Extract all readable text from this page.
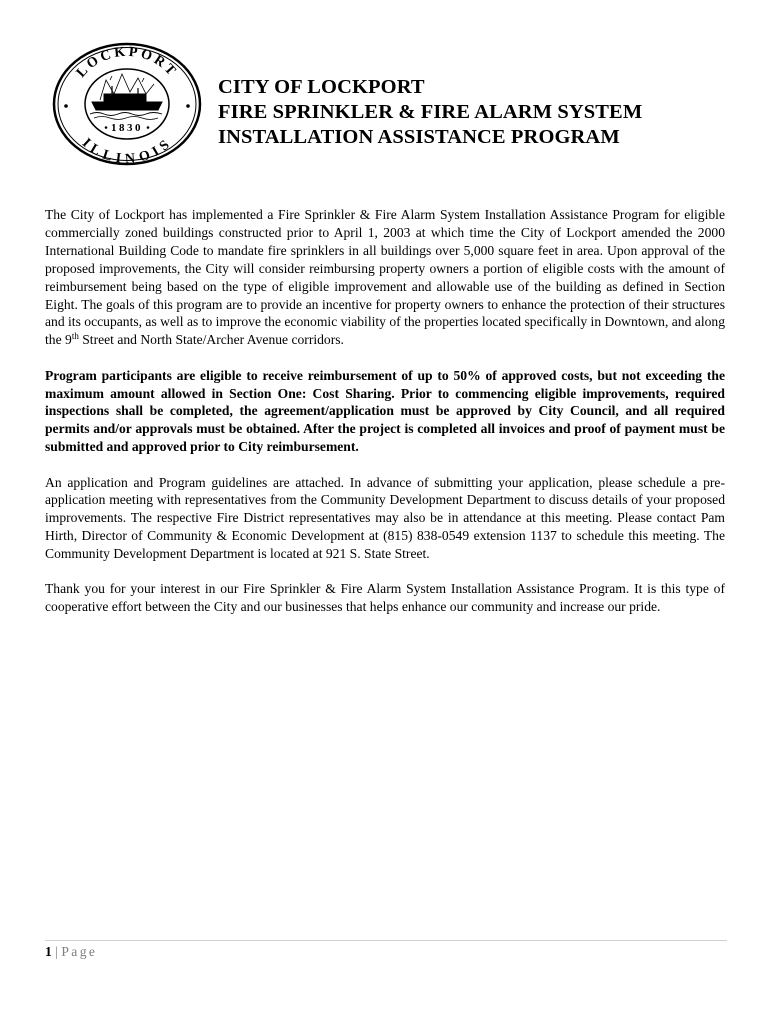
LOCKPORT
ILLINOIS
1830
CITY OF LOCKPORT
FIRE SPRINKLER & FIRE ALARM SYSTEM
INSTALLATION ASSISTANCE PROGRAM

The City of Lockport has implemented a Fire Sprinkler & Fire Alarm System Installation Assistance Program for eligible commercially zoned buildings constructed prior to April 1, 2003 at which time the City of Lockport amended the 2000 International Building Code to mandate fire sprinklers in all buildings over 5,000 square feet in area. Upon approval of the proposed improvements, the City will consider reimbursing property owners a portion of eligible costs with the amount of reimbursement being based on the type of eligible improvement and allowable use of the building as defined in Section Eight. The goals of this program are to provide an incentive for property owners to enhance the protection of their structures and its occupants, as well as to improve the economic viability of the properties located specifically in Downtown, and along the 9th Street and North State/Archer Avenue corridors.

Program participants are eligible to receive reimbursement of up to 50% of approved costs, but not exceeding the maximum amount allowed in Section One: Cost Sharing. Prior to commencing eligible improvements, required inspections shall be completed, the agreement/application must be approved by City Council, and all required permits and/or approvals must be obtained. After the project is completed all invoices and proof of payment must be submitted and approved prior to City reimbursement.

An application and Program guidelines are attached. In advance of submitting your application, please schedule a pre-application meeting with representatives from the Community Development Department to discuss details of your proposed improvements. The respective Fire District representatives may also be in attendance at this meeting. Please contact Pam Hirth, Director of Community & Economic Development at (815) 838-0549 extension 1137 to schedule this meeting. The Community Development Department is located at 921 S. State Street.

Thank you for your interest in our Fire Sprinkler & Fire Alarm System Installation Assistance Program. It is this type of cooperative effort between the City and our businesses that helps enhance our community and increase our pride.

1 | Page
